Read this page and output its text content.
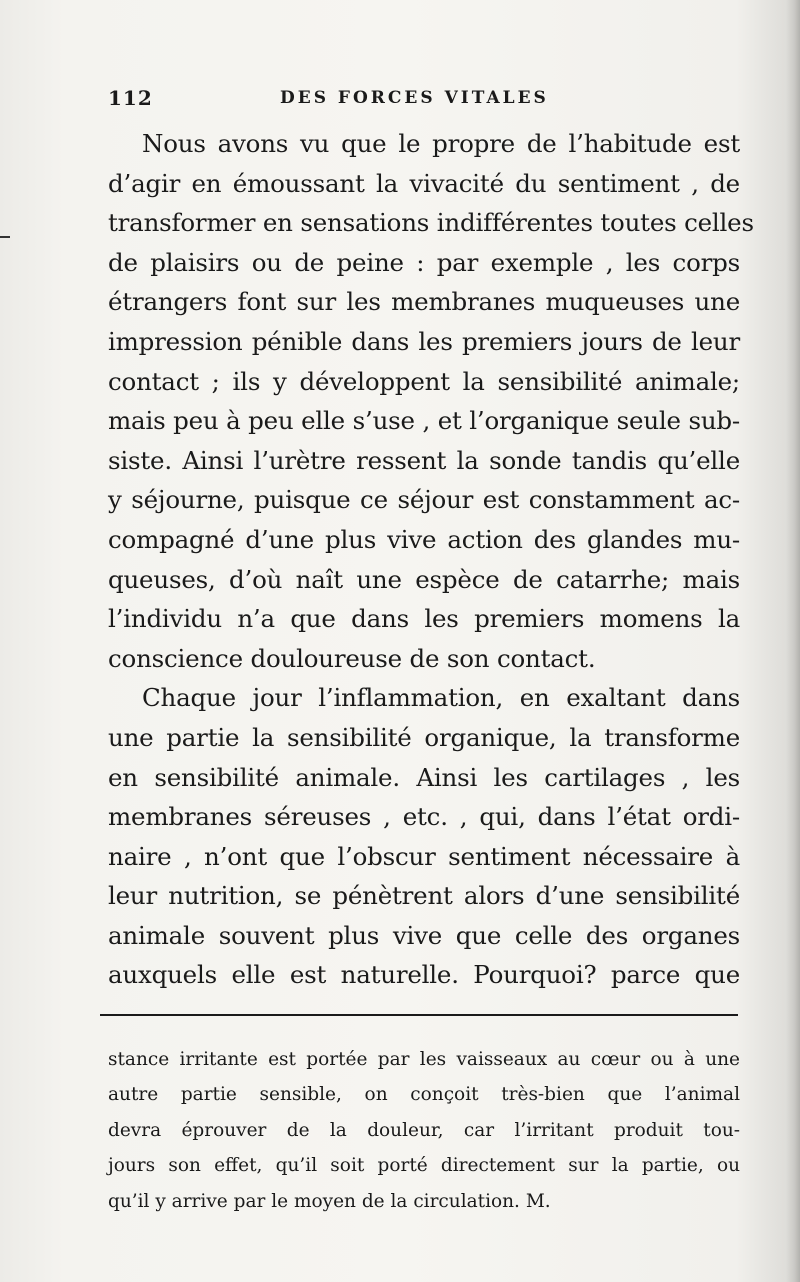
112	DES FORCES VITALES
Nous avons vu que le propre de l’habitude est
d’agir en émoussant la vivacité du sentiment , de
transformer en sensations indifférentes toutes celles
de plaisirs ou de peine : par exemple , les corps
étrangers font sur les membranes muqueuses une
impression pénible dans les premiers jours de leur
contact ; ils y développent la sensibilité animale;
mais peu à peu elle s’use , et l’organique seule sub-
siste. Ainsi l’urètre ressent la sonde tandis qu’elle
y séjourne, puisque ce séjour est constamment ac-
compagné d’une plus vive action des glandes mu-
queuses, d’où naît une espèce de catarrhe; mais
l’individu n’a que dans les premiers momens la
conscience douloureuse de son contact.
Chaque jour l’inflammation, en exaltant dans
une partie la sensibilité organique, la transforme
en sensibilité animale. Ainsi les cartilages , les
membranes séreuses , etc. , qui, dans l’état ordi-
naire , n’ont que l’obscur sentiment nécessaire à
leur nutrition, se pénètrent alors d’une sensibilité
animale souvent plus vive que celle des organes
auxquels elle est naturelle. Pourquoi? parce que
stance irritante est portée par les vaisseaux au cœur ou à une
autre partie sensible, on conçoit très-bien que l’animal
devra éprouver de la douleur, car l’irritant produit tou-
jours son effet, qu’il soit porté directement sur la partie, ou
qu’il y arrive par le moyen de la circulation. M.
